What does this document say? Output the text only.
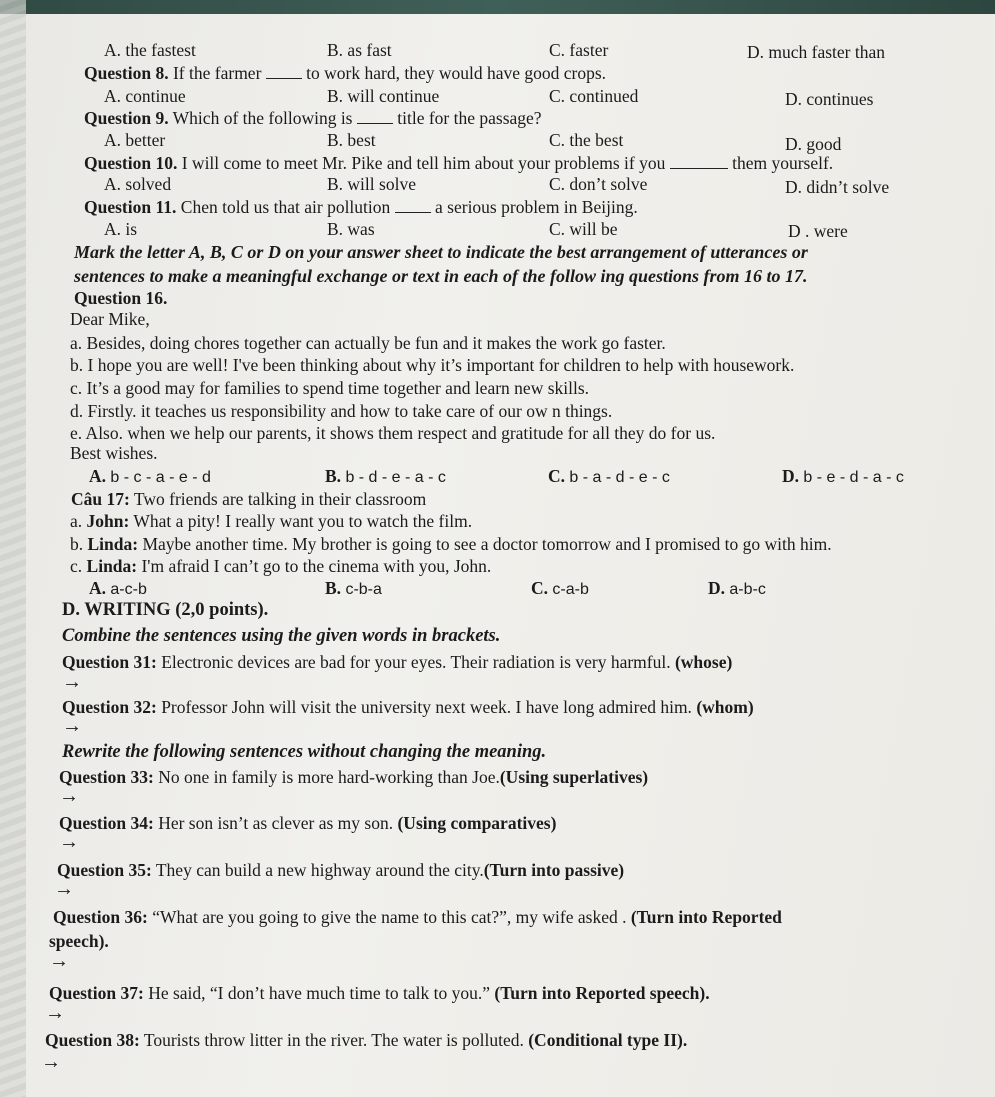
A. the fastest	B. as fast	C. faster	D. much faster than
Question 8. If the farmer  to work hard, they would have good crops.
A. continue	B. will continue	C. continued	D. continues
Question 9. Which of the following is  title for the passage?
A. better	B. best	C. the best	D. good
Question 10. I will come to meet Mr. Pike and tell him about your problems if you	them yourself.
A. solved	B. will solve	C. don’t solve	D. didn’t solve
Question 11. Chen told us that air pollution  a serious problem in Beijing.
A. is	B. was	C. will be	D . were
Mark the letter A, B, C or D on your answer sheet to indicate the best arrangement of utterances or
sentences to make a meaningful exchange or text in each of the follow ing questions from 16 to 17.
Question 16.
Dear Mike,
a. Besides, doing chores together can actually be fun and it makes the work go faster.
b. I hope you are well! I've been thinking about why it’s important for children to help with housework.
c. It’s a good may for families to spend time together and learn new skills.
d. Firstly. it teaches us responsibility and how to take care of our ow n things.
e. Also. when we help our parents, it shows them respect and gratitude for all they do for us.
Best wishes.
A. b - c - a - e - d	B. b - d - e - a - c	C. b - a - d - e - c	D. b - e - d - a - c
Câu 17: Two friends are talking in their classroom
a. John: What a pity! I really want you to watch the film.
b. Linda: Maybe another time. My brother is going to see a doctor tomorrow and I promised to go with him.
c. Linda: I'm afraid I can’t go to the cinema with you, John.
A. a-c-b	B. c-b-a	C. c-a-b	D. a-b-c
D. WRITING (2,0 points).
Combine the sentences using the given words in brackets.
Question 31: Electronic devices are bad for your eyes. Their radiation is very harmful. (whose)
→
Question 32: Professor John will visit the university next week. I have long admired him. (whom)
→
Rewrite the following sentences without changing the meaning.
Question 33: No one in family is more hard-working than Joe.(Using superlatives)
→
Question 34: Her son isn’t as clever as my son. (Using comparatives)
→
Question 35: They can build a new highway around the city.(Turn into passive)
→
Question 36: “What are you going to give the name to this cat?”, my wife asked . (Turn into Reported
speech).
→
Question 37: He said, “I don’t have much time to talk to you.” (Turn into Reported speech).
→
Question 38: Tourists throw litter in the river. The water is polluted. (Conditional type II).
→
